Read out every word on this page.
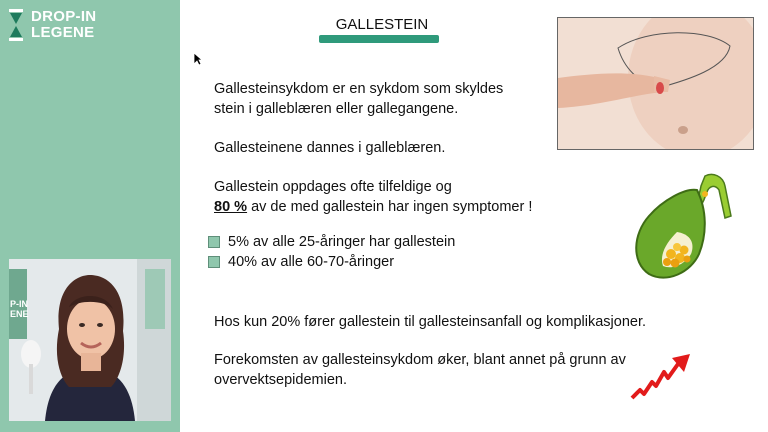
DROP-IN
LEGENE
P-IN
ENE
GALLESTEIN
Gallesteinsykdom er en sykdom som skyldes
stein i galleblæren eller gallegangene.
Gallesteinene dannes i galleblæren.
Gallestein oppdages ofte tilfeldige og
80 % av de med gallestein har ingen symptomer !
5% av alle 25-åringer har gallestein
40% av alle 60-70-åringer
Hos kun 20% fører gallestein til gallesteinsanfall og komplikasjoner.
Forekomsten av gallesteinsykdom øker, blant annet på grunn av
overvektsepidemien.
